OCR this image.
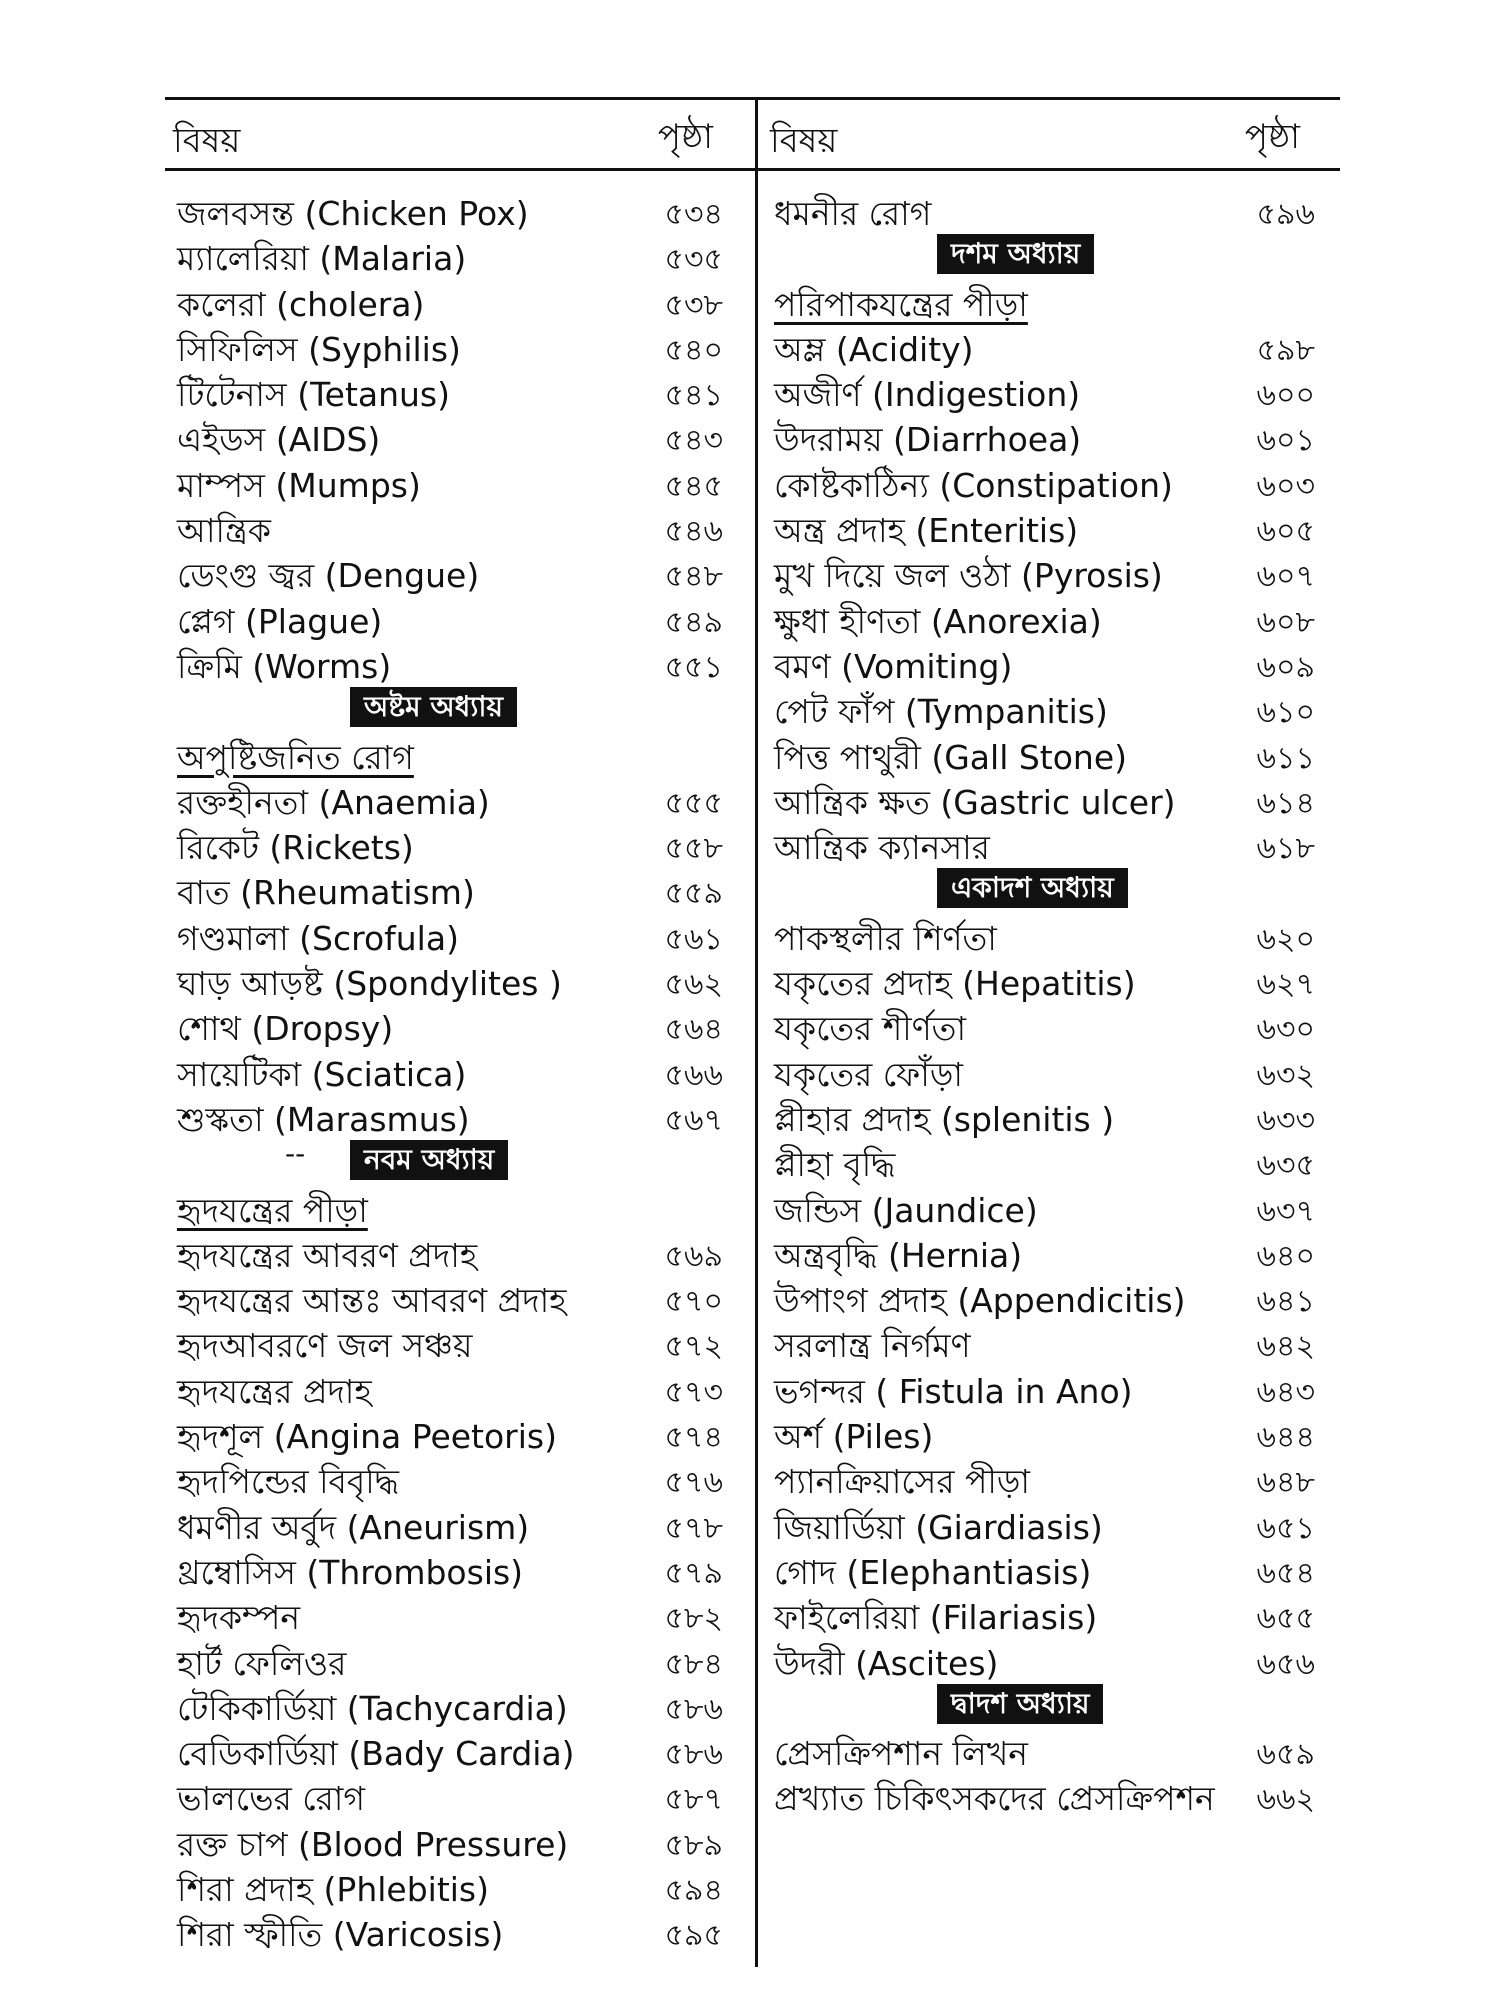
বিষয়	পৃষ্ঠা
জলবসন্ত (Chicken Pox)	৫৩৪
ম্যালেরিয়া (Malaria)	৫৩৫
কলেরা (cholera)	৫৩৮
সিফিলিস (Syphilis)	৫৪০
টিটেনাস (Tetanus)	৫৪১
এইডস (AIDS)	৫৪৩
মাম্পস (Mumps)	৫৪৫
আন্ত্রিক	৫৪৬
ডেংগু জ্বর (Dengue)	৫৪৮
প্লেগ (Plague)	৫৪৯
ক্রিমি (Worms)	৫৫১
অষ্টম অধ্যায়
অপুষ্টিজনিত রোগ
রক্তহীনতা (Anaemia)	৫৫৫
রিকেট (Rickets)	৫৫৮
বাত (Rheumatism)	৫৫৯
গণ্ডমালা (Scrofula)	৫৬১
ঘাড় আড়ষ্ট (Spondylites )	৫৬২
শোথ (Dropsy)	৫৬৪
সায়েটিকা (Sciatica)	৫৬৬
শুস্কতা (Marasmus)	৫৬৭
--	নবম অধ্যায়
হৃদযন্ত্রের পীড়া
হৃদযন্ত্রের আবরণ প্রদাহ	৫৬৯
হৃদযন্ত্রের আন্তঃ আবরণ প্রদাহ	৫৭০
হৃদআবরণে জল সঞ্চয়	৫৭২
হৃদযন্ত্রের প্রদাহ	৫৭৩
হৃদশূল (Angina Peetoris)	৫৭৪
হৃদপিন্ডের বিবৃদ্ধি	৫৭৬
ধমণীর অর্বুদ (Aneurism)	৫৭৮
থ্রম্বোসিস (Thrombosis)	৫৭৯
হৃদকম্পন	৫৮২
হার্ট ফেলিওর	৫৮৪
টেকিকার্ডিয়া (Tachycardia)	৫৮৬
বেডিকার্ডিয়া (Bady Cardia)	৫৮৬
ভালভের রোগ	৫৮৭
রক্ত চাপ (Blood Pressure)	৫৮৯
শিরা প্রদাহ (Phlebitis)	৫৯৪
শিরা স্ফীতি (Varicosis)	৫৯৫
বিষয়	পৃষ্ঠা
ধমনীর রোগ	৫৯৬
দশম অধ্যায়
পরিপাকযন্ত্রের পীড়া
অম্ল (Acidity)	৫৯৮
অজীর্ণ (Indigestion)	৬০০
উদরাময় (Diarrhoea)	৬০১
কোষ্টকাঠিন্য (Constipation)	৬০৩
অন্ত্র প্রদাহ (Enteritis)	৬০৫
মুখ দিয়ে জল ওঠা (Pyrosis)	৬০৭
ক্ষুধা হীণতা (Anorexia)	৬০৮
বমণ (Vomiting)	৬০৯
পেট ফাঁপ (Tympanitis)	৬১০
পিত্ত পাথুরী (Gall Stone)	৬১১
আন্ত্রিক ক্ষত (Gastric ulcer)	৬১৪
আন্ত্রিক ক্যানসার	৬১৮
একাদশ অধ্যায়
পাকস্থলীর শির্ণতা	৬২০
যকৃতের প্রদাহ (Hepatitis)	৬২৭
যকৃতের শীর্ণতা	৬৩০
যকৃতের ফোঁড়া	৬৩২
প্লীহার প্রদাহ (splenitis )	৬৩৩
প্লীহা বৃদ্ধি	৬৩৫
জন্ডিস (Jaundice)	৬৩৭
অন্ত্রবৃদ্ধি (Hernia)	৬৪০
উপাংগ প্রদাহ (Appendicitis) ৬৪১
সরলান্ত্র নির্গমণ	৬৪২
ভগন্দর ( Fistula in Ano)	৬৪৩
অর্শ (Piles)	৬৪৪
প্যানক্রিয়াসের পীড়া	৬৪৮
জিয়ার্ডিয়া (Giardiasis)	৬৫১
গোদ (Elephantiasis)	৬৫৪
ফাইলেরিয়া (Filariasis)	৬৫৫
উদরী (Ascites)	৬৫৬
দ্বাদশ অধ্যায়
প্রেসক্রিপশান লিখন	৬৫৯
প্রখ্যাত চিকিৎসকদের প্রেসক্রিপশন ৬৬২
